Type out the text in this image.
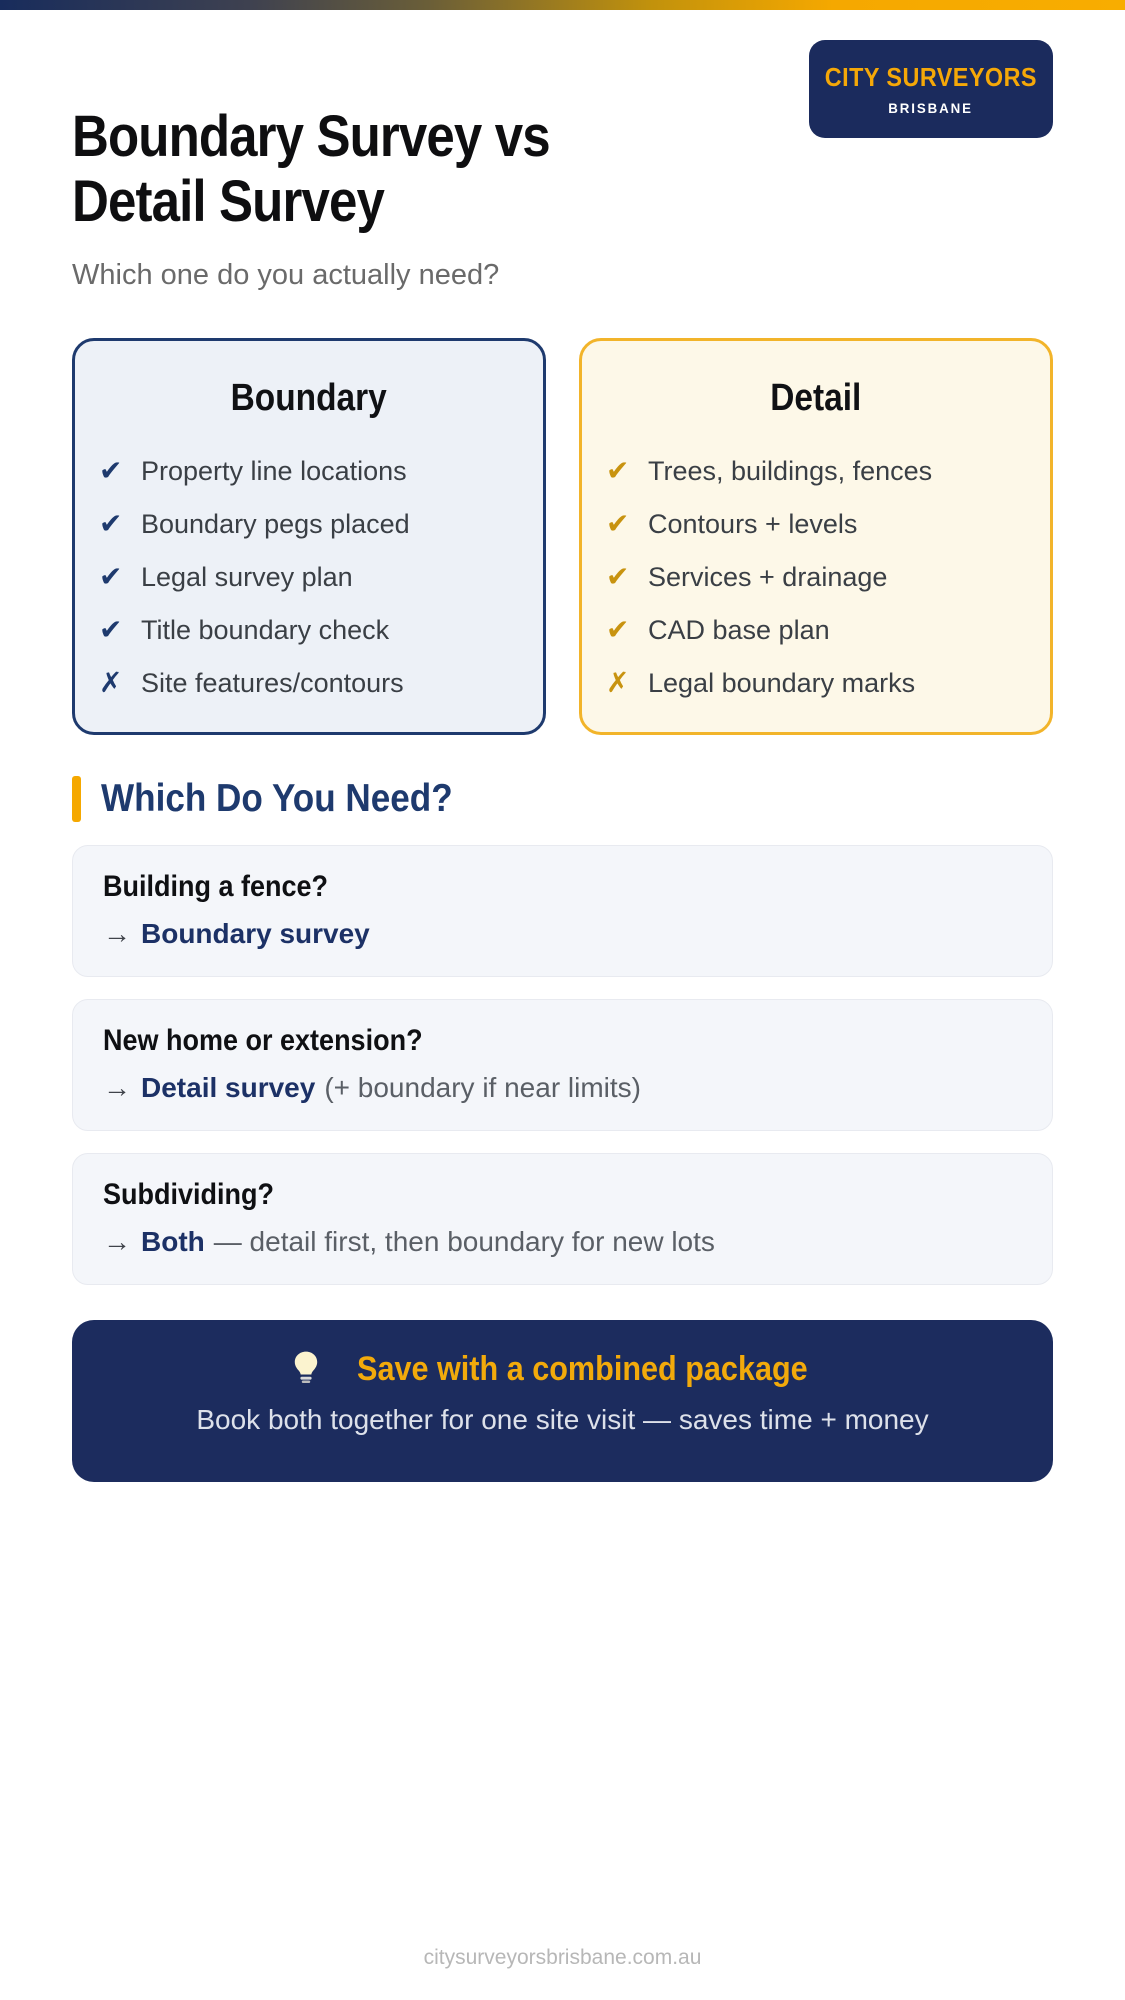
CITY SURVEYORS
BRISBANE
Boundary Survey vs
Detail Survey

Which one do you actually need?

Boundary
✔ Property line locations
✔ Boundary pegs placed
✔ Legal survey plan
✔ Title boundary check
✗ Site features/contours
Detail
✔ Trees, buildings, fences
✔ Contours + levels
✔ Services + drainage
✔ CAD base plan
✗ Legal boundary marks
Which Do You Need?
Building a fence?
→ Boundary survey
New home or extension?
→ Detail survey (+ boundary if near limits)
Subdividing?
→ Both — detail first, then boundary for new lots
Save with a combined package
Book both together for one site visit — saves time + money
citysurveyorsbrisbane.com.au
